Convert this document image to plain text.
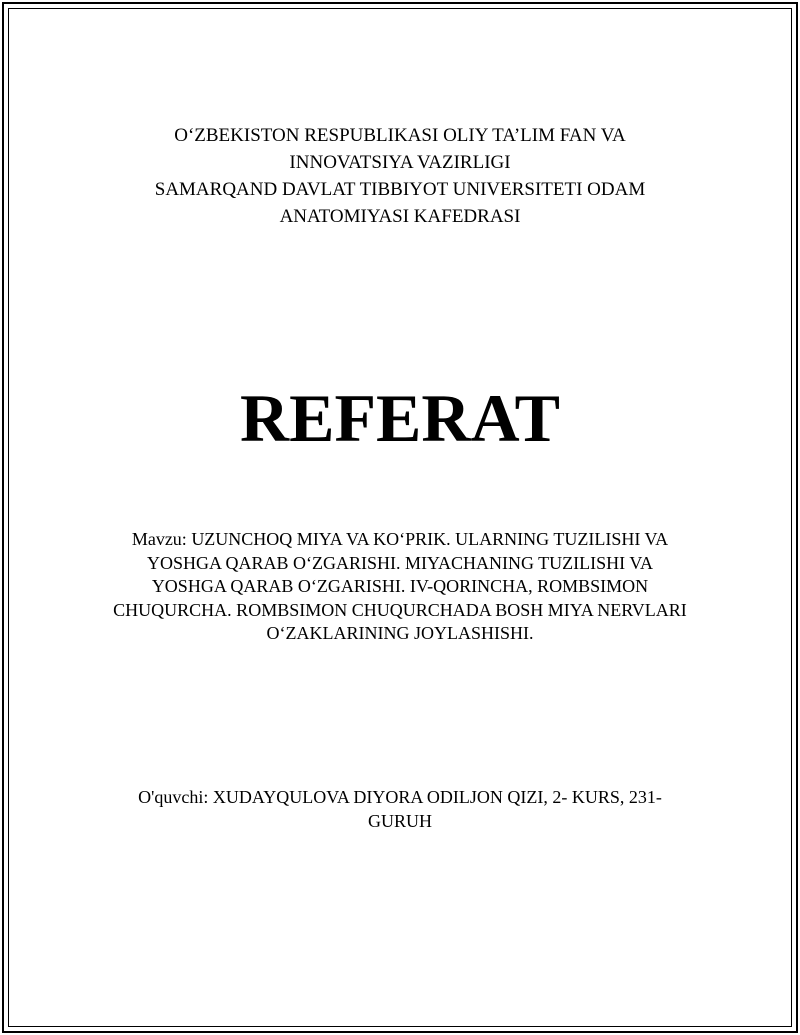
O‘ZBEKISTON RESPUBLIKASI OLIY TA’LIM FAN VA
INNOVATSIYA VAZIRLIGI
SAMARQAND DAVLAT TIBBIYOT UNIVERSITETI ODAM
ANATOMIYASI KAFEDRASI
REFERAT
Mavzu: UZUNCHOQ MIYA VA KO‘PRIK. ULARNING TUZILISHI VA YOSHGA QARAB O‘ZGARISHI. MIYACHANING TUZILISHI VA YOSHGA QARAB O‘ZGARISHI. IV-QORINCHA, ROMBSIMON CHUQURCHA. ROMBSIMON CHUQURCHADA BOSH MIYA NERVLARI O‘ZAKLARINING JOYLASHISHI.
O'quvchi: XUDAYQULOVA DIYORA ODILJON QIZI, 2- KURS, 231-GURUH
